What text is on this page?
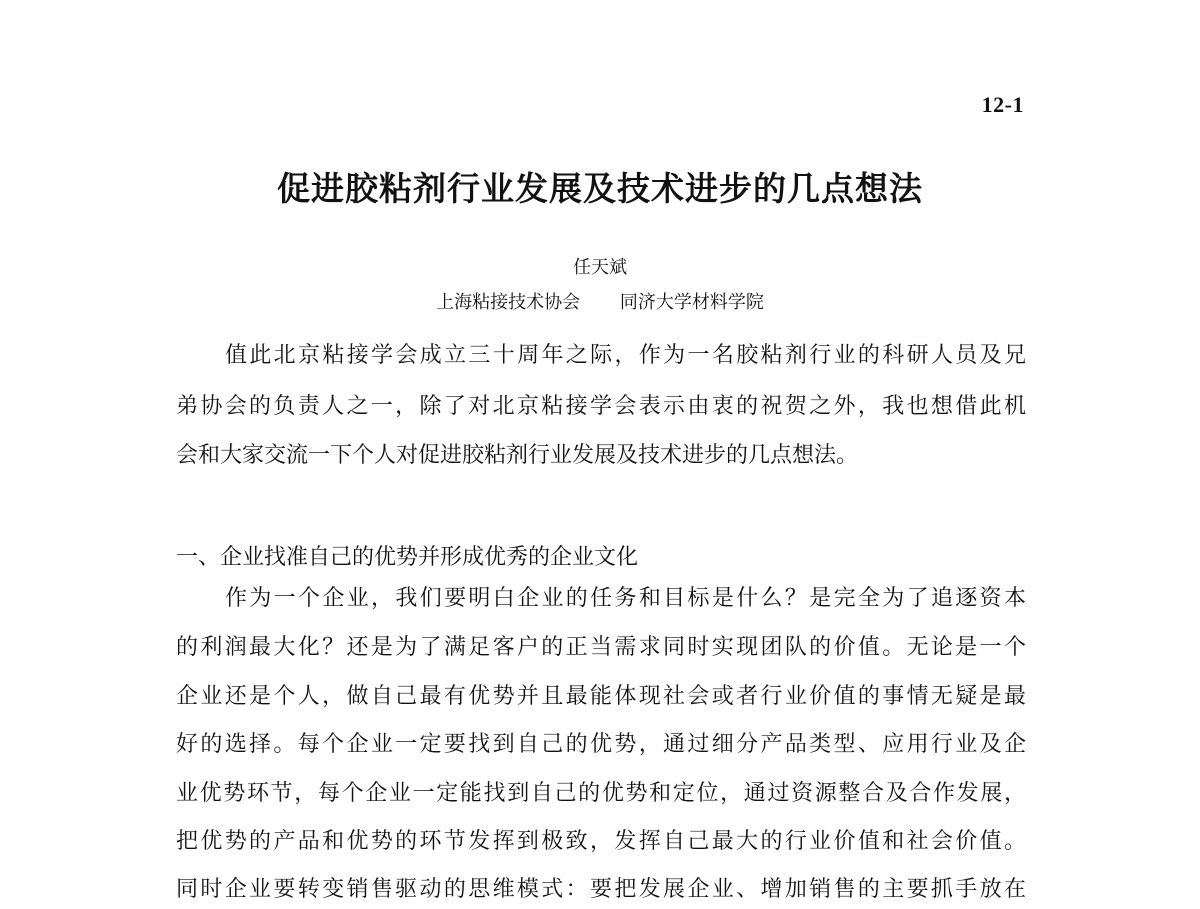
12-1
促进胶粘剂行业发展及技术进步的几点想法
任天斌
上海粘接技术协会 同济大学材料学院
值此北京粘接学会成立三十周年之际，作为一名胶粘剂行业的科研人员及兄
弟协会的负责人之一，除了对北京粘接学会表示由衷的祝贺之外，我也想借此机
会和大家交流一下个人对促进胶粘剂行业发展及技术进步的几点想法。
一、企业找准自己的优势并形成优秀的企业文化
作为一个企业，我们要明白企业的任务和目标是什么？是完全为了追逐资本
的利润最大化？还是为了满足客户的正当需求同时实现团队的价值。无论是一个
企业还是个人，做自己最有优势并且最能体现社会或者行业价值的事情无疑是最
好的选择。每个企业一定要找到自己的优势，通过细分产品类型、应用行业及企
业优势环节，每个企业一定能找到自己的优势和定位，通过资源整合及合作发展，
把优势的产品和优势的环节发挥到极致，发挥自己最大的行业价值和社会价值。
同时企业要转变销售驱动的思维模式：要把发展企业、增加销售的主要抓手放在
